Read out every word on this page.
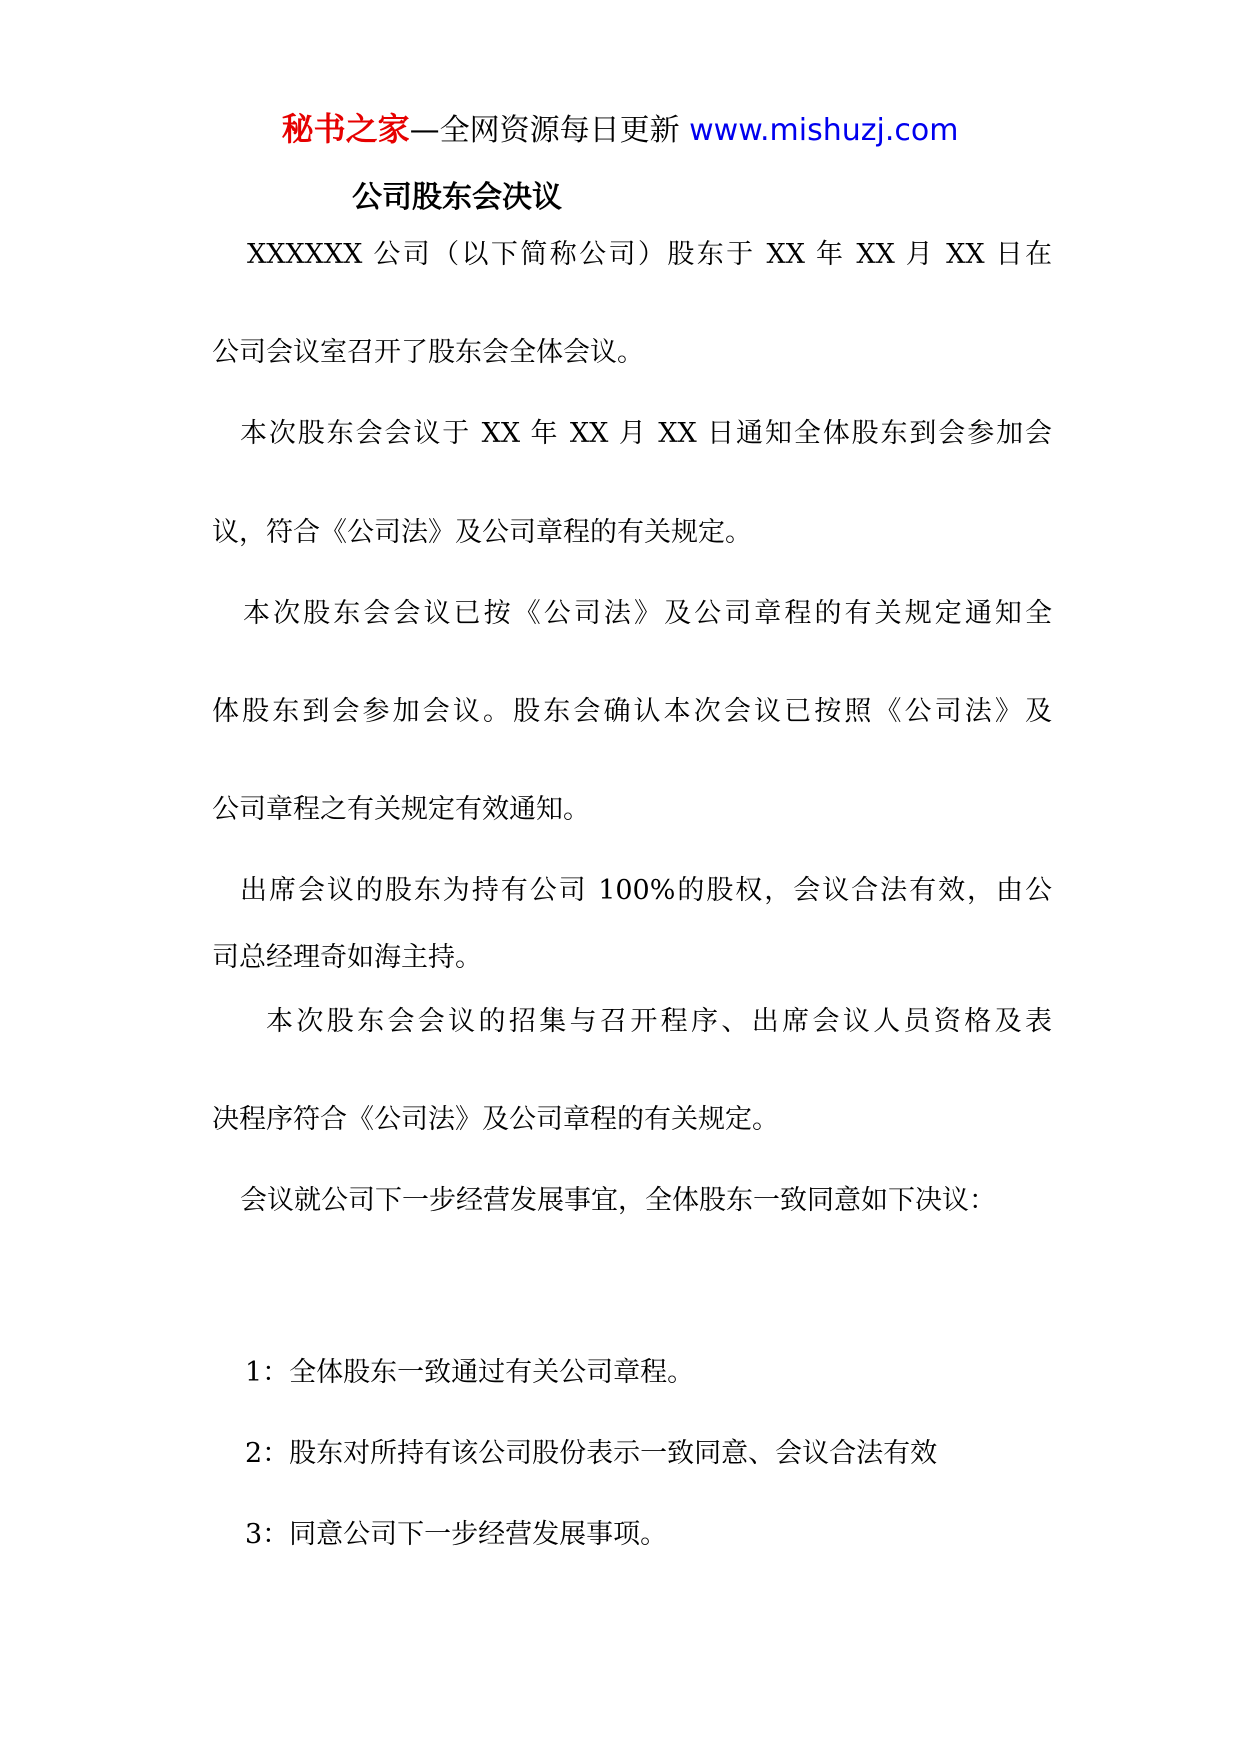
秘书之家—全网资源每日更新 www.mishuzj.com
公司股东会决议
XXXXXX 公司（以下简称公司）股东于 XX 年 XX 月 XX 日在
公司会议室召开了股东会全体会议。
本次股东会会议于 XX 年 XX 月 XX 日通知全体股东到会参加会
议，符合《公司法》及公司章程的有关规定。
本次股东会会议已按《公司法》及公司章程的有关规定通知全
体股东到会参加会议。股东会确认本次会议已按照《公司法》及
公司章程之有关规定有效通知。
出席会议的股东为持有公司 100%的股权，会议合法有效，由公
司总经理奇如海主持。
本次股东会会议的招集与召开程序、出席会议人员资格及表
决程序符合《公司法》及公司章程的有关规定。
会议就公司下一步经营发展事宜，全体股东一致同意如下决议：
1：全体股东一致通过有关公司章程。
2：股东对所持有该公司股份表示一致同意、会议合法有效
3：同意公司下一步经营发展事项。
